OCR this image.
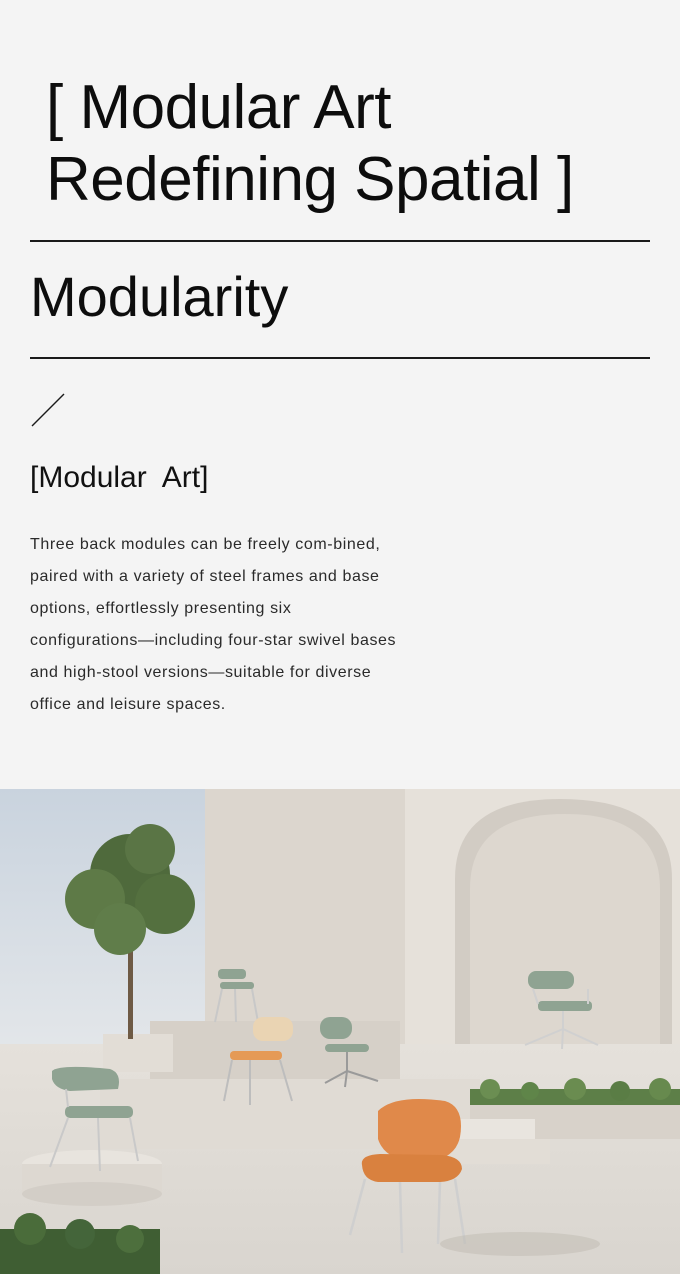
[ Modular Art
Redefining Spatial ]
Modularity
[Modular  Art]

Three back modules can be freely com-bined, paired with a variety of steel frames and base options, effortlessly presenting six configurations—including four-star swivel bases and high-stool versions—suitable for diverse office and leisure spaces.
